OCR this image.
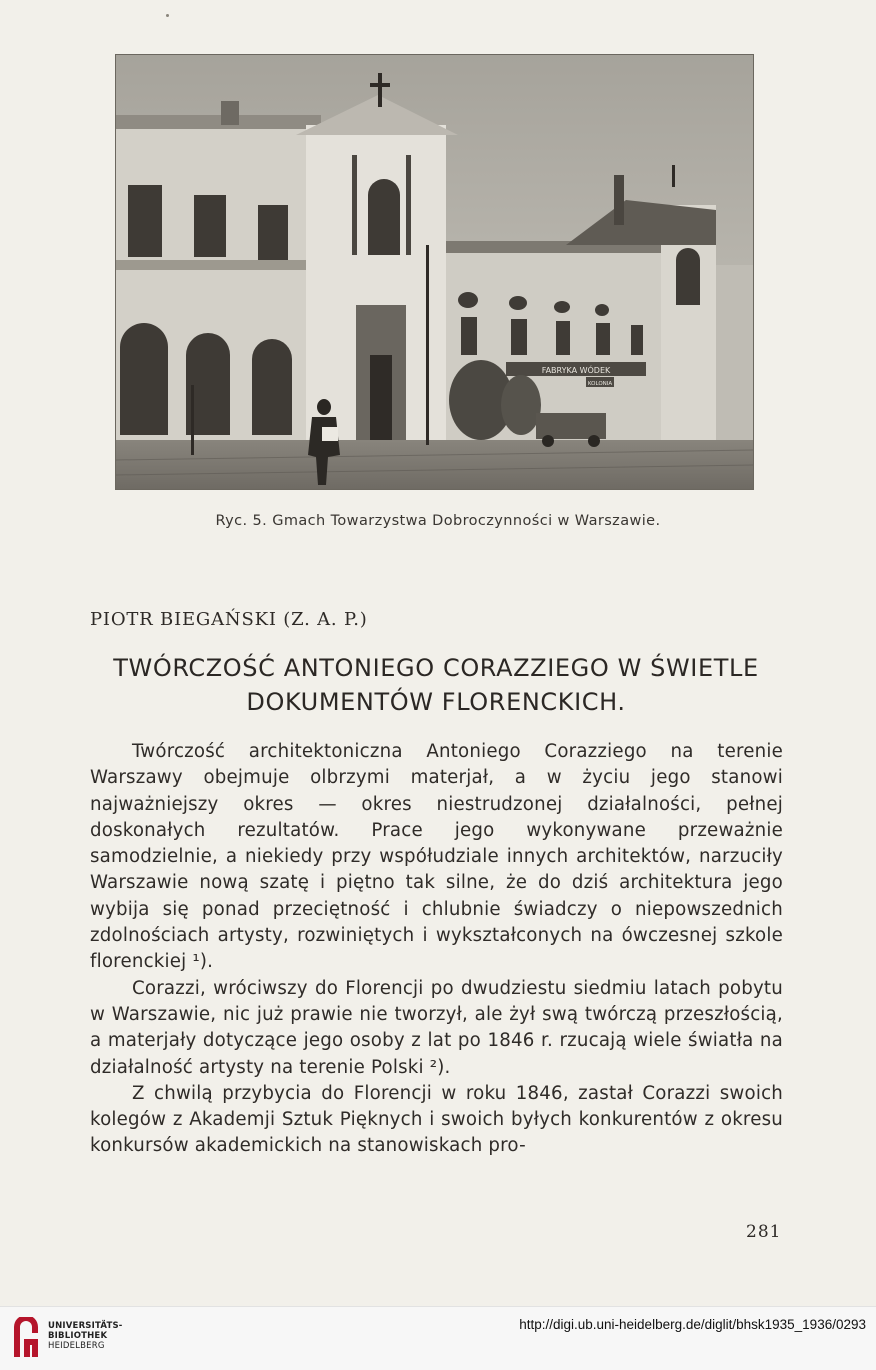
FABRYKA WÓDEK
KOLONIA
Ryc. 5. Gmach Towarzystwa Dobroczynności w Warszawie.
PIOTR BIEGAŃSKI (Z. A. P.)
TWÓRCZOŚĆ ANTONIEGO CORAZZIEGO W ŚWIETLE
DOKUMENTÓW FLORENCKICH.

Twórczość architektoniczna Antoniego Corazziego na terenie Warszawy obejmuje olbrzymi materjał, a w życiu jego stanowi najważniejszy okres — okres niestrudzonej działalności, pełnej doskonałych rezultatów. Prace jego wykonywane przeważnie samodzielnie, a niekiedy przy współudziale innych architektów, narzuciły Warszawie nową szatę i piętno tak silne, że do dziś architektura jego wybija się ponad przeciętność i chlubnie świadczy o niepowszednich zdolnościach artysty, rozwiniętych i wykształconych na ówczesnej szkole florenckiej ¹).

Corazzi, wróciwszy do Florencji po dwudziestu siedmiu latach pobytu w Warszawie, nic już prawie nie tworzył, ale żył swą twórczą przeszłością, a materjały dotyczące jego osoby z lat po 1846 r. rzucają wiele światła na działalność artysty na terenie Polski ²).

Z chwilą przybycia do Florencji w roku 1846, zastał Corazzi swoich kolegów z Akademji Sztuk Pięknych i swoich byłych konkurentów z okresu konkursów akademickich na stanowiskach pro-

281
UNIVERSITÄTS-
BIBLIOTHEK
HEIDELBERG
http://digi.ub.uni-heidelberg.de/diglit/bhsk1935_1936/0293
